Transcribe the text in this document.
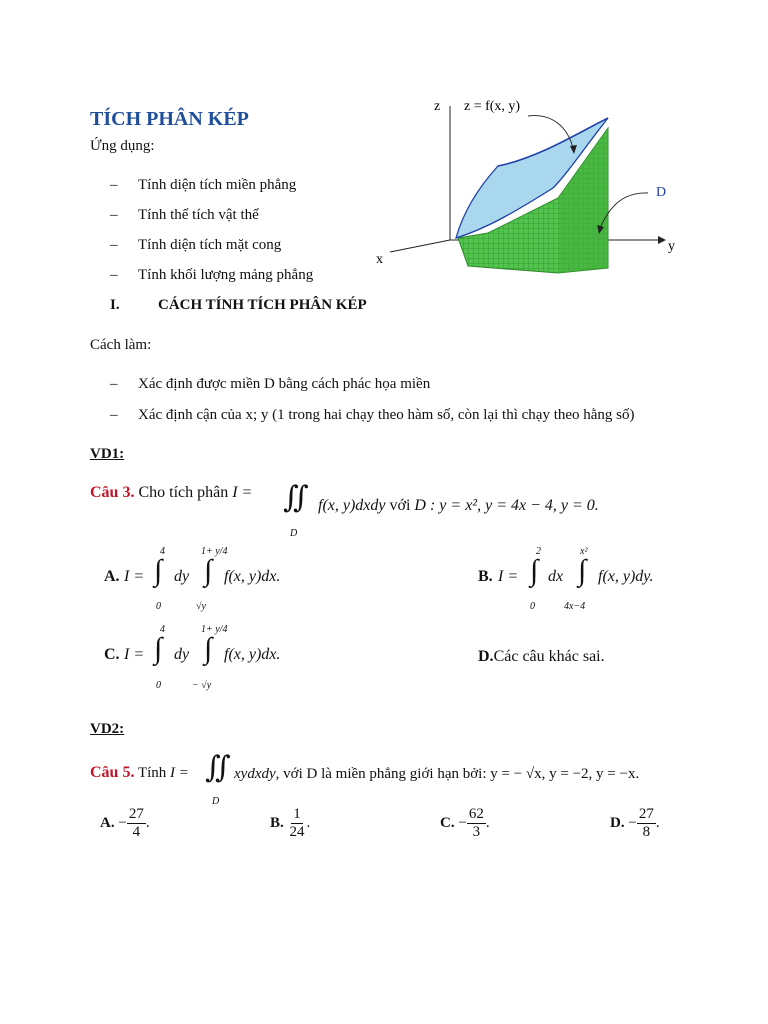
TÍCH PHÂN KÉP
Ứng dụng:
– Tính diện tích miền phẳng
– Tính thể tích vật thể
– Tính diện tích mặt cong
– Tính khối lượng mảng phẳng
z z = f(x, y)
D
y
x
I.	CÁCH TÍNH TÍCH PHÂN KÉP
Cách làm:
– Xác định được miền D bằng cách phác họa miền
– Xác định cận của x; y (1 trong hai chạy theo hàm số, còn lại thì chạy theo hằng số)
VD1:
Câu 3. Cho tích phân I = ∬
D
f(x, y)dxdy với D : y = x², y = 4x − 4, y = 0.
A. I =
4
∫
0
dy
1+ y/4
∫
√y
f(x, y)dx.	B. I =
2
∫
0
dx
x²
∫
4x−4
f(x, y)dy.
C. I =
4
∫
0
dy
1+ y/4
∫
− √y
f(x, y)dx.	D.Các câu khác sai.
VD2:
Câu 5. Tính I = ∬
D
xydxdy, với D là miền phẳng giới hạn bởi: y = − √x, y = −2, y = −x.
A. − $\frac{27}{4}$ .	B. $\frac{1}{24}$ .	C. − $\frac{62}{3}$ .	D. − $\frac{27}{8}$ .
